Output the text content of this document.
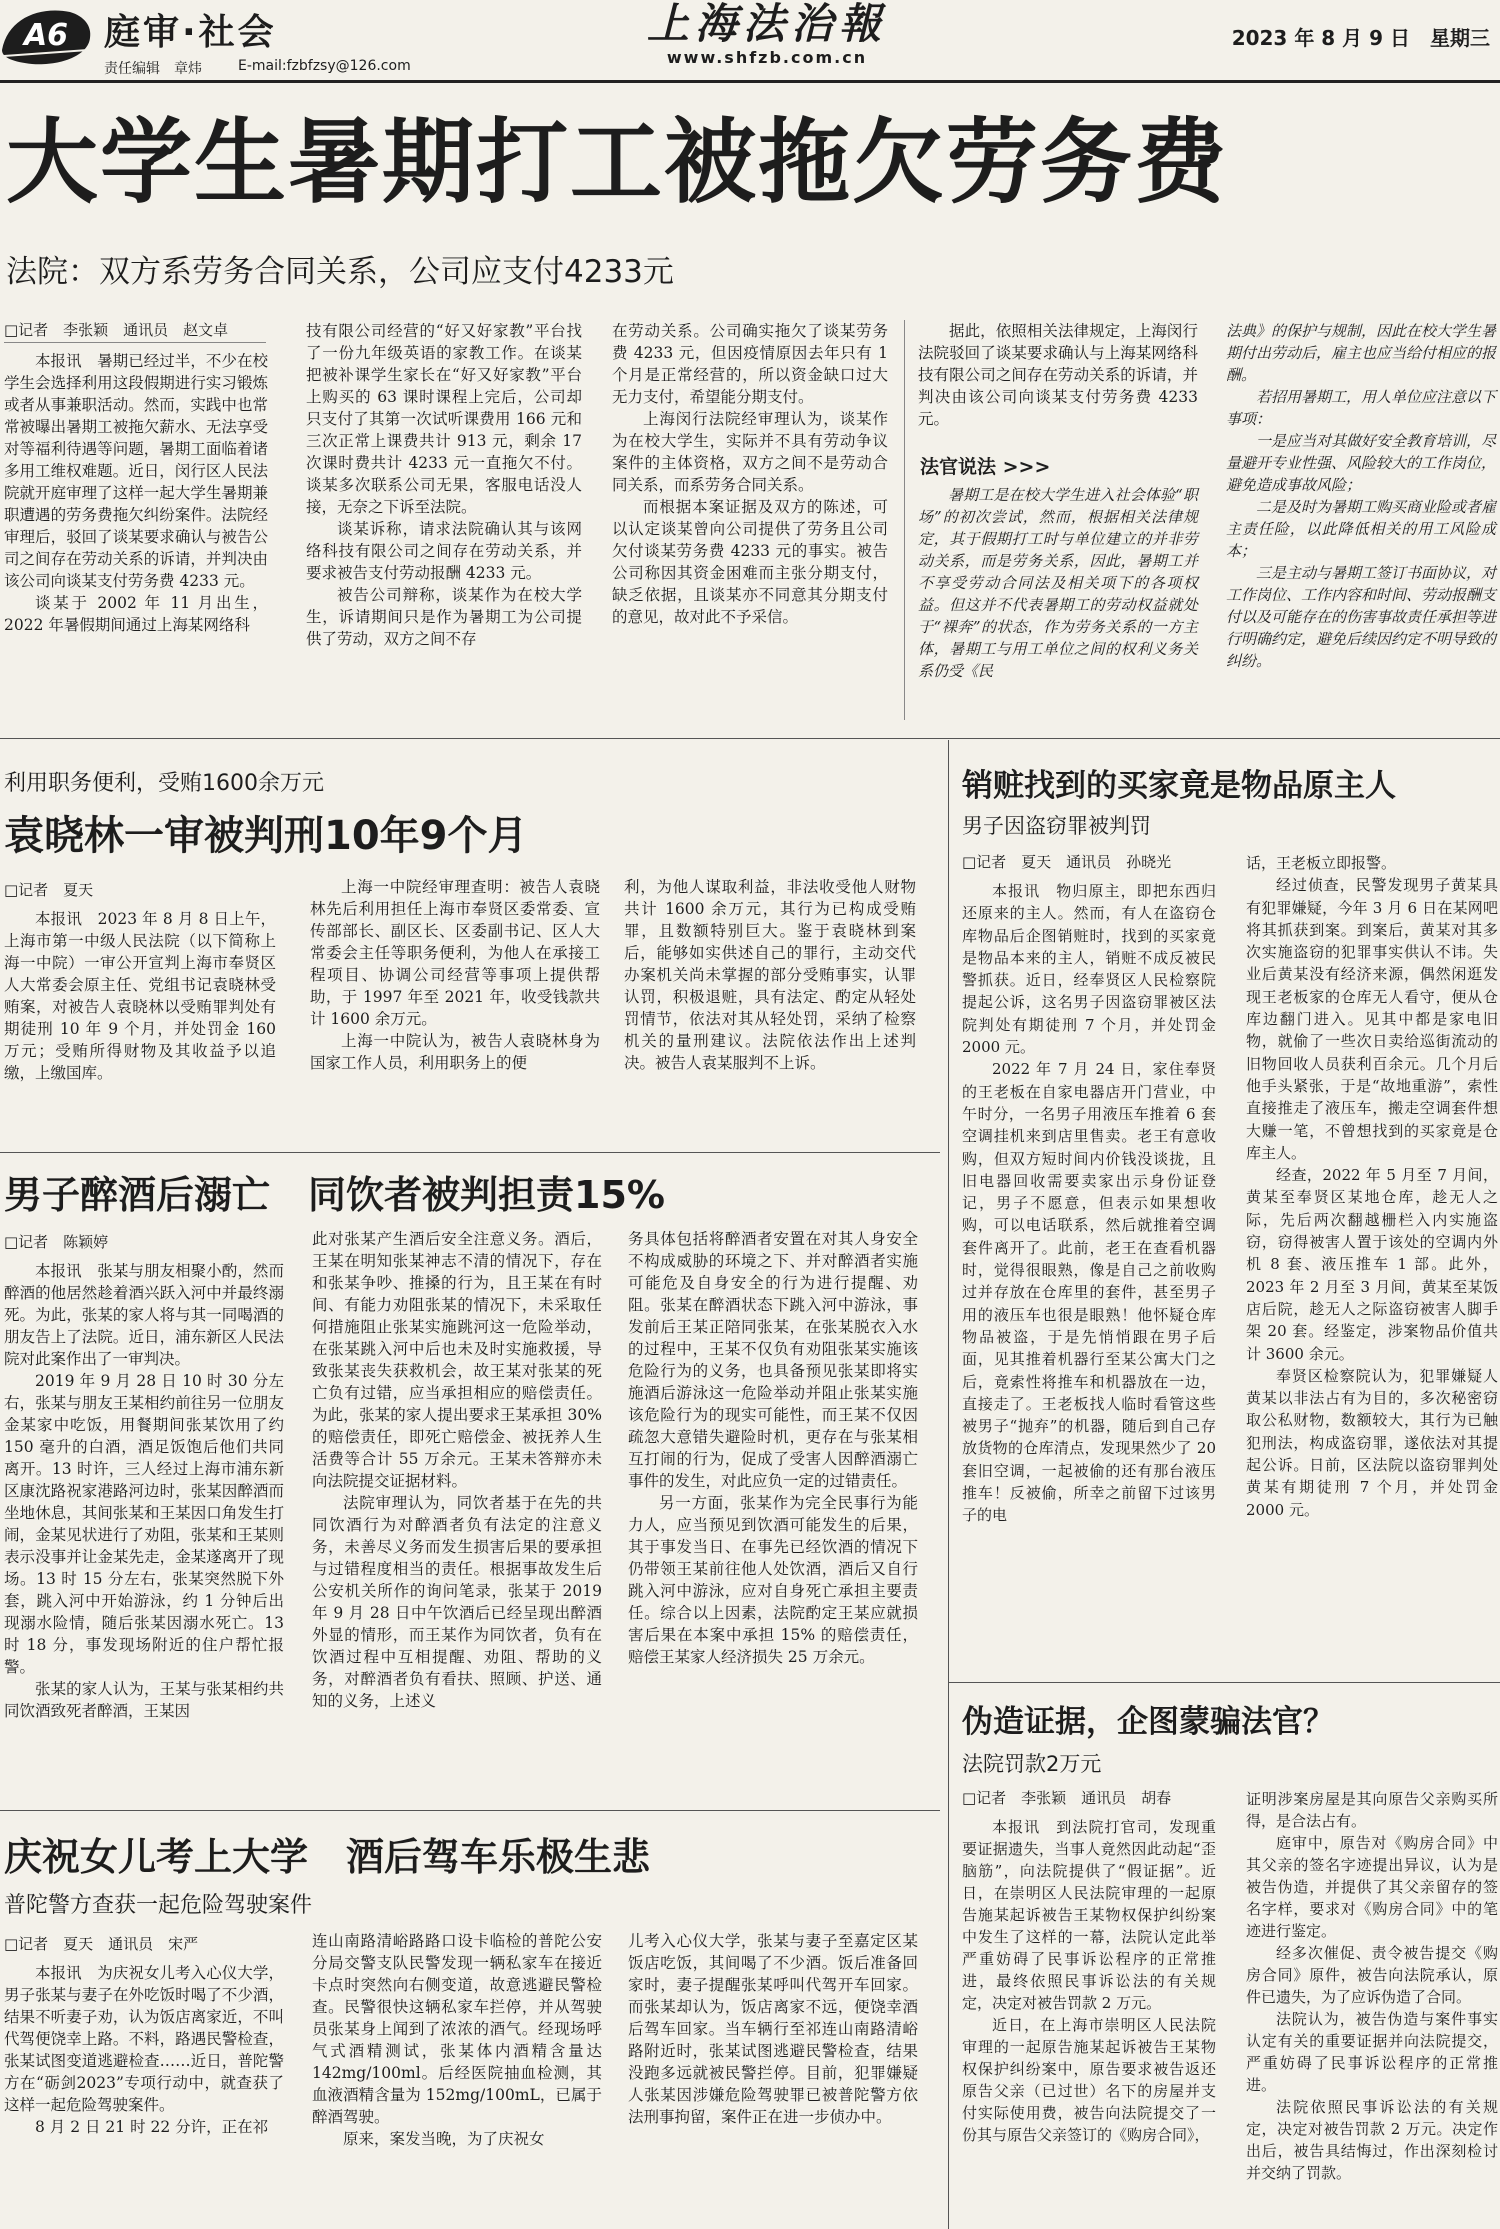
A6 庭审·社会
责任编辑　章炜	E-mail:fzbfzsy@126.com
上海法治報
www.shfzb.com.cn
2023 年 8 月 9 日　星期三
大学生暑期打工被拖欠劳务费
法院：双方系劳务合同关系，公司应支付4233元
□记者　李张颖　通讯员　赵文卓

本报讯　暑期已经过半，不少在校学生会选择利用这段假期进行实习锻炼或者从事兼职活动。然而，实践中也常常被曝出暑期工被拖欠薪水、无法享受对等福利待遇等问题，暑期工面临着诸多用工维权难题。近日，闵行区人民法院就开庭审理了这样一起大学生暑期兼职遭遇的劳务费拖欠纠纷案件。法院经审理后，驳回了谈某要求确认与被告公司之间存在劳动关系的诉请，并判决由该公司向谈某支付劳务费 4233 元。

谈某于 2002 年 11 月出生，2022 年暑假期间通过上海某网络科

技有限公司经营的“好又好家教”平台找了一份九年级英语的家教工作。在谈某把被补课学生家长在“好又好家教”平台上购买的 63 课时课程上完后，公司却只支付了其第一次试听课费用 166 元和三次正常上课费共计 913 元，剩余 17 次课时费共计 4233 元一直拖欠不付。谈某多次联系公司无果，客服电话没人接，无奈之下诉至法院。

谈某诉称，请求法院确认其与该网络科技有限公司之间存在劳动关系，并要求被告支付劳动报酬 4233 元。

被告公司辩称，谈某作为在校大学生，诉请期间只是作为暑期工为公司提供了劳动，双方之间不存

在劳动关系。公司确实拖欠了谈某劳务费 4233 元，但因疫情原因去年只有 1 个月是正常经营的，所以资金缺口过大无力支付，希望能分期支付。

上海闵行法院经审理认为，谈某作为在校大学生，实际并不具有劳动争议案件的主体资格，双方之间不是劳动合同关系，而系劳务合同关系。

而根据本案证据及双方的陈述，可以认定谈某曾向公司提供了劳务且公司欠付谈某劳务费 4233 元的事实。被告公司称因其资金困难而主张分期支付，缺乏依据，且谈某亦不同意其分期支付的意见，故对此不予采信。

据此，依照相关法律规定，上海闵行法院驳回了谈某要求确认与上海某网络科技有限公司之间存在劳动关系的诉请，并判决由该公司向谈某支付劳务费 4233 元。

法官说法 >>>

暑期工是在校大学生进入社会体验“职场”的初次尝试，然而，根据相关法律规定，其于假期打工时与单位建立的并非劳动关系，而是劳务关系，因此，暑期工并不享受劳动合同法及相关项下的各项权益。但这并不代表暑期工的劳动权益就处于“裸奔”的状态，作为劳务关系的一方主体，暑期工与用工单位之间的权利义务关系仍受《民

法典》的保护与规制，因此在校大学生暑期付出劳动后，雇主也应当给付相应的报酬。

若招用暑期工，用人单位应注意以下事项：

一是应当对其做好安全教育培训，尽量避开专业性强、风险较大的工作岗位，避免造成事故风险；

二是及时为暑期工购买商业险或者雇主责任险，以此降低相关的用工风险成本；

三是主动与暑期工签订书面协议，对工作岗位、工作内容和时间、劳动报酬支付以及可能存在的伤害事故责任承担等进行明确约定，避免后续因约定不明导致的纠纷。

利用职务便利，受贿1600余万元
袁晓林一审被判刑10年9个月
□记者　夏天

本报讯　2023 年 8 月 8 日上午，上海市第一中级人民法院（以下简称上海一中院）一审公开宣判上海市奉贤区人大常委会原主任、党组书记袁晓林受贿案，对被告人袁晓林以受贿罪判处有期徒刑 10 年 9 个月，并处罚金 160 万元；受贿所得财物及其收益予以追缴，上缴国库。

上海一中院经审理查明：被告人袁晓林先后利用担任上海市奉贤区委常委、宣传部部长、副区长、区委副书记、区人大常委会主任等职务便利，为他人在承接工程项目、协调公司经营等事项上提供帮助，于 1997 年至 2021 年，收受钱款共计 1600 余万元。

上海一中院认为，被告人袁晓林身为国家工作人员，利用职务上的便

利，为他人谋取利益，非法收受他人财物共计 1600 余万元，其行为已构成受贿罪，且数额特别巨大。鉴于袁晓林到案后，能够如实供述自己的罪行，主动交代办案机关尚未掌握的部分受贿事实，认罪认罚，积极退赃，具有法定、酌定从轻处罚情节，依法对其从轻处罚，采纳了检察机关的量刑建议。法院依法作出上述判决。被告人袁某服判不上诉。

男子醉酒后溺亡　同饮者被判担责15%
□记者　陈颖婷

本报讯　张某与朋友相聚小酌，然而醉酒的他居然趁着酒兴跃入河中并最终溺死。为此，张某的家人将与其一同喝酒的朋友告上了法院。近日，浦东新区人民法院对此案作出了一审判决。

2019 年 9 月 28 日 10 时 30 分左右，张某与朋友王某相约前往另一位朋友金某家中吃饭，用餐期间张某饮用了约 150 毫升的白酒，酒足饭饱后他们共同离开。13 时许，三人经过上海市浦东新区康沈路祝家港路河边时，张某因醉酒而坐地休息，其间张某和王某因口角发生打闹，金某见状进行了劝阻，张某和王某则表示没事并让金某先走，金某遂离开了现场。13 时 15 分左右，张某突然脱下外套，跳入河中开始游泳，约 1 分钟后出现溺水险情，随后张某因溺水死亡。13 时 18 分，事发现场附近的住户帮忙报警。

张某的家人认为，王某与张某相约共同饮酒致死者醉酒，王某因

此对张某产生酒后安全注意义务。酒后，王某在明知张某神志不清的情况下，存在和张某争吵、推搡的行为，且王某在有时间、有能力劝阻张某的情况下，未采取任何措施阻止张某实施跳河这一危险举动，在张某跳入河中后也未及时实施救援，导致张某丧失获救机会，故王某对张某的死亡负有过错，应当承担相应的赔偿责任。为此，张某的家人提出要求王某承担 30% 的赔偿责任，即死亡赔偿金、被抚养人生活费等合计 55 万余元。王某未答辩亦未向法院提交证据材料。

法院审理认为，同饮者基于在先的共同饮酒行为对醉酒者负有法定的注意义务，未善尽义务而发生损害后果的要承担与过错程度相当的责任。根据事故发生后公安机关所作的询问笔录，张某于 2019 年 9 月 28 日中午饮酒后已经呈现出醉酒外显的情形，而王某作为同饮者，负有在饮酒过程中互相提醒、劝阻、帮助的义务，对醉酒者负有看扶、照顾、护送、通知的义务，上述义

务具体包括将醉酒者安置在对其人身安全不构成威胁的环境之下、并对醉酒者实施可能危及自身安全的行为进行提醒、劝阻。张某在醉酒状态下跳入河中游泳，事发前后王某正陪同张某，在张某脱衣入水的过程中，王某不仅负有劝阻张某实施该危险行为的义务，也具备预见张某即将实施酒后游泳这一危险举动并阻止张某实施该危险行为的现实可能性，而王某不仅因疏忽大意错失避险时机，更存在与张某相互打闹的行为，促成了受害人因醉酒溺亡事件的发生，对此应负一定的过错责任。

另一方面，张某作为完全民事行为能力人，应当预见到饮酒可能发生的后果，其于事发当日、在事先已经饮酒的情况下仍带领王某前往他人处饮酒，酒后又自行跳入河中游泳，应对自身死亡承担主要责任。综合以上因素，法院酌定王某应就损害后果在本案中承担 15% 的赔偿责任，赔偿王某家人经济损失 25 万余元。

庆祝女儿考上大学　酒后驾车乐极生悲
普陀警方查获一起危险驾驶案件
□记者　夏天　通讯员　宋严

本报讯　为庆祝女儿考入心仪大学，男子张某与妻子在外吃饭时喝了不少酒，结果不听妻子劝，认为饭店离家近，不叫代驾便饶幸上路。不料，路遇民警检查，张某试图变道逃避检查……近日，普陀警方在“砺剑2023”专项行动中，就查获了这样一起危险驾驶案件。

8 月 2 日 21 时 22 分许，正在祁

连山南路清峪路路口设卡临检的普陀公安分局交警支队民警发现一辆私家车在接近卡点时突然向右侧变道，故意逃避民警检查。民警很快这辆私家车拦停，并从驾驶员张某身上闻到了浓浓的酒气。经现场呼气式酒精测试，张某体内酒精含量达 142mg/100ml。后经医院抽血检测，其血液酒精含量为 152mg/100mL，已属于醉酒驾驶。

原来，案发当晚，为了庆祝女

儿考入心仪大学，张某与妻子至嘉定区某饭店吃饭，其间喝了不少酒。饭后准备回家时，妻子提醒张某呼叫代驾开车回家。而张某却认为，饭店离家不远，便饶幸酒后驾车回家。当车辆行至祁连山南路清峪路附近时，张某试图逃避民警检查，结果没跑多远就被民警拦停。目前，犯罪嫌疑人张某因涉嫌危险驾驶罪已被普陀警方依法刑事拘留，案件正在进一步侦办中。

销赃找到的买家竟是物品原主人
男子因盗窃罪被判罚
□记者　夏天　通讯员　孙晓光

本报讯　物归原主，即把东西归还原来的主人。然而，有人在盗窃仓库物品后企图销赃时，找到的买家竟是物品本来的主人，销赃不成反被民警抓获。近日，经奉贤区人民检察院提起公诉，这名男子因盗窃罪被区法院判处有期徒刑 7 个月，并处罚金 2000 元。

2022 年 7 月 24 日，家住奉贤的王老板在自家电器店开门营业，中午时分，一名男子用液压车推着 6 套空调挂机来到店里售卖。老王有意收购，但双方短时间内价钱没谈拢，且旧电器回收需要卖家出示身份证登记，男子不愿意，但表示如果想收购，可以电话联系，然后就推着空调套件离开了。此前，老王在查看机器时，觉得很眼熟，像是自己之前收购过并存放在仓库里的套件，甚至男子用的液压车也很是眼熟！他怀疑仓库物品被盗，于是先悄悄跟在男子后面，见其推着机器行至某公寓大门之后，竟索性将推车和机器放在一边，直接走了。王老板找人临时看管这些被男子“抛弃”的机器，随后到自己存放货物的仓库清点，发现果然少了 20 套旧空调，一起被偷的还有那台液压推车！反被偷，所幸之前留下过该男子的电

话，王老板立即报警。

经过侦查，民警发现男子黄某具有犯罪嫌疑，今年 3 月 6 日在某网吧将其抓获到案。到案后，黄某对其多次实施盗窃的犯罪事实供认不讳。失业后黄某没有经济来源，偶然闲逛发现王老板家的仓库无人看守，便从仓库边翻门进入。见其中都是家电旧物，就偷了一些次日卖给巡街流动的旧物回收人员获利百余元。几个月后他手头紧张，于是“故地重游”，索性直接推走了液压车，搬走空调套件想大赚一笔，不曾想找到的买家竟是仓库主人。

经查，2022 年 5 月至 7 月间，黄某至奉贤区某地仓库，趁无人之际，先后两次翻越栅栏入内实施盗窃，窃得被害人置于该处的空调内外机 8 套、液压推车 1 部。此外，2023 年 2 月至 3 月间，黄某至某饭店后院，趁无人之际盗窃被害人脚手架 20 套。经鉴定，涉案物品价值共计 3600 余元。

奉贤区检察院认为，犯罪嫌疑人黄某以非法占有为目的，多次秘密窃取公私财物，数额较大，其行为已触犯刑法，构成盗窃罪，遂依法对其提起公诉。日前，区法院以盗窃罪判处黄某有期徒刑 7 个月，并处罚金 2000 元。

伪造证据，企图蒙骗法官？
法院罚款2万元
□记者　李张颖　通讯员　胡春

本报讯　到法院打官司，发现重要证据遗失，当事人竟然因此动起“歪脑筋”，向法院提供了“假证据”。近日，在崇明区人民法院审理的一起原告施某起诉被告王某物权保护纠纷案中发生了这样的一幕，法院认定此举严重妨碍了民事诉讼程序的正常推进，最终依照民事诉讼法的有关规定，决定对被告罚款 2 万元。

近日，在上海市崇明区人民法院审理的一起原告施某起诉被告王某物权保护纠纷案中，原告要求被告返还原告父亲（已过世）名下的房屋并支付实际使用费，被告向法院提交了一份其与原告父亲签订的《购房合同》，

证明涉案房屋是其向原告父亲购买所得，是合法占有。

庭审中，原告对《购房合同》中其父亲的签名字迹提出异议，认为是被告伪造，并提供了其父亲留存的签名字样，要求对《购房合同》中的笔迹进行鉴定。

经多次催促、责令被告提交《购房合同》原件，被告向法院承认，原件已遗失，为了应诉伪造了合同。

法院认为，被告伪造与案件事实认定有关的重要证据并向法院提交，严重妨碍了民事诉讼程序的正常推进。

法院依照民事诉讼法的有关规定，决定对被告罚款 2 万元。决定作出后，被告具结悔过，作出深刻检讨并交纳了罚款。
